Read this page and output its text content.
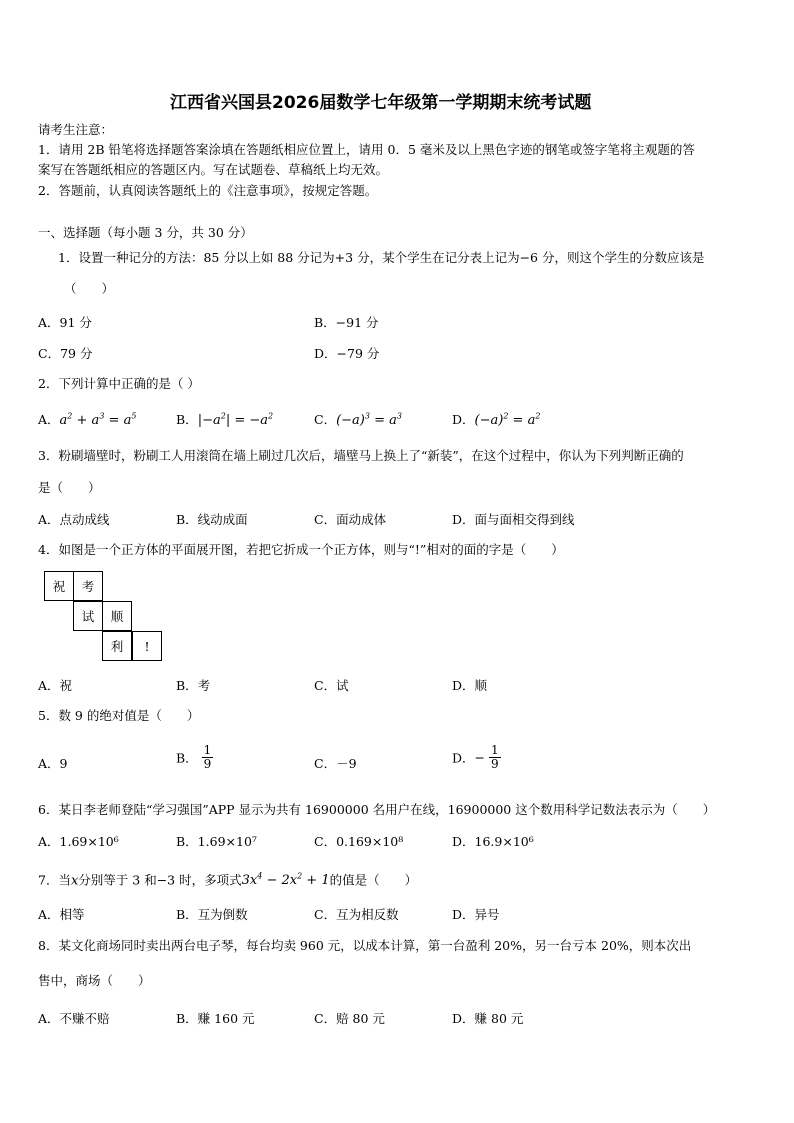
江西省兴国县2026届数学七年级第一学期期末统考试题
请考生注意：
1．请用 2B 铅笔将选择题答案涂填在答题纸相应位置上，请用 0．5 毫米及以上黑色字迹的钢笔或签字笔将主观题的答
案写在答题纸相应的答题区内。写在试题卷、草稿纸上均无效。
2．答题前，认真阅读答题纸上的《注意事项》，按规定答题。
一、选择题（每小题 3 分，共 30 分）
1．设置一种记分的方法：85 分以上如 88 分记为+3 分，某个学生在记分表上记为−6 分，则这个学生的分数应该是
（　　）
A．91 分	B．−91 分
C．79 分	D．−79 分
2．下列计算中正确的是（ ）
A．$a^2 + a^3 = a^5$	B．$|-a^2| = -a^2$	C．$(-a)^3 = a^3$	D．$(-a)^2 = a^2$
3．粉刷墙壁时，粉刷工人用滚筒在墙上刷过几次后，墙壁马上换上了“新装”，在这个过程中，你认为下列判断正确的
是（　　）
A．点动成线	B．线动成面	C．面动成体	D．面与面相交得到线
4．如图是一个正方体的平面展开图，若把它折成一个正方体，则与“!”相对的面的字是（　　）
祝	考
试	顺
利	!
A．祝	B．考	C．试	D．顺
5．数 9 的绝对值是（　　）
A．9	B． $\frac{1}{9}$	C．－9	D．− $\frac{1}{9}$
6．某日李老师登陆“学习强国”APP 显示为共有 16900000 名用户在线，16900000 这个数用科学记数法表示为（　　）
A．1.69×10⁶	B．1.69×10⁷	C．0.169×10⁸	D．16.9×10⁶
7．当x分别等于 3 和−3 时，多项式$3x^4 - 2x^2 + 1$的值是（　　）
A．相等	B．互为倒数	C．互为相反数	D．异号
8．某文化商场同时卖出两台电子琴，每台均卖 960 元，以成本计算，第一台盈利 20%，另一台亏本 20%，则本次出
售中，商场（　　）
A．不赚不赔	B．赚 160 元	C．赔 80 元	D．赚 80 元
